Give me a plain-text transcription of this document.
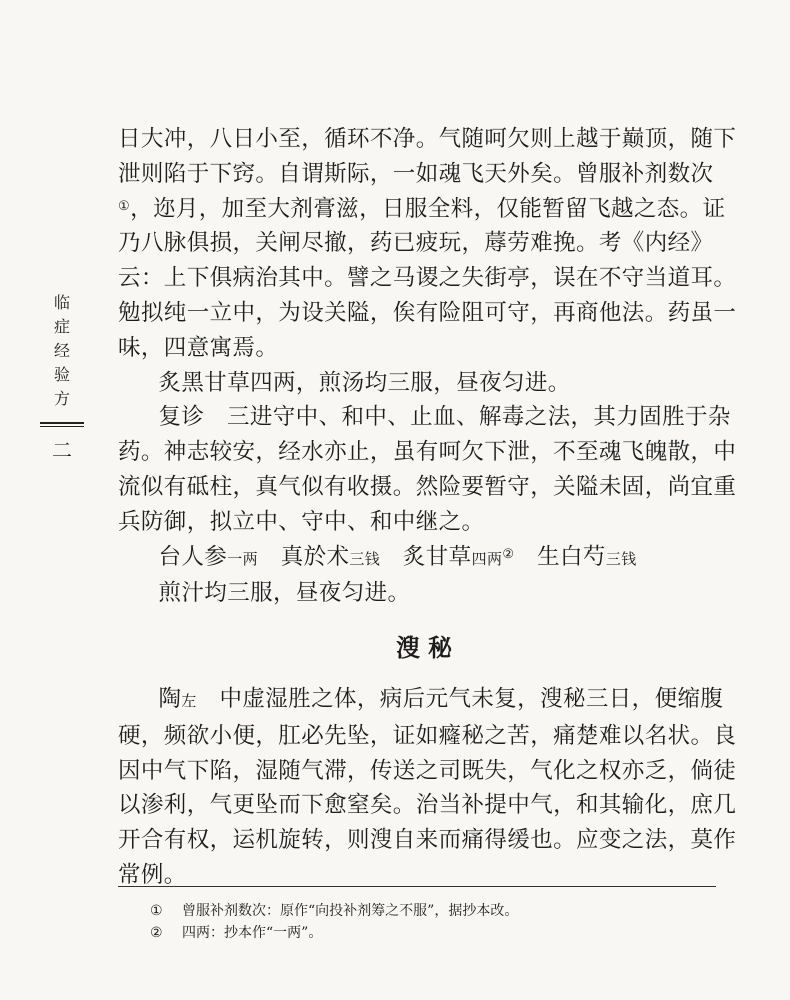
临
症
经
验
方
二

日大冲，八日小至，循环不净。气随呵欠则上越于巅顶，随下泄则陷于下窍。自谓斯际，一如魂飞天外矣。曾服补剂数次①，迩月，加至大剂膏滋，日服全料，仅能暂留飞越之态。证乃八脉俱损，关闸尽撤，药已疲玩，蓐劳难挽。考《内经》云：上下俱病治其中。譬之马谡之失街亭，误在不守当道耳。勉拟纯一立中，为设关隘，俟有险阻可守，再商他法。药虽一味，四意寓焉。

炙黑甘草四两，煎汤均三服，昼夜匀进。

复诊 三进守中、和中、止血、解毒之法，其力固胜于杂药。神志较安，经水亦止，虽有呵欠下泄，不至魂飞魄散，中流似有砥柱，真气似有收摄。然险要暂守，关隘未固，尚宜重兵防御，拟立中、守中、和中继之。

台人参一两 真於术三钱 炙甘草四两② 生白芍三钱

煎汁均三服，昼夜匀进。

溲秘

陶左 中虚湿胜之体，病后元气未复，溲秘三日，便缩腹硬，频欲小便，肛必先坠，证如癃秘之苦，痛楚难以名状。良因中气下陷，湿随气滞，传送之司既失，气化之权亦乏，倘徒以渗利，气更坠而下愈窒矣。治当补提中气，和其输化，庶几开合有权，运机旋转，则溲自来而痛得缓也。应变之法，莫作常例。

① 曾服补剂数次：原作“向投补剂筹之不服”，据抄本改。
② 四两：抄本作“一两”。
